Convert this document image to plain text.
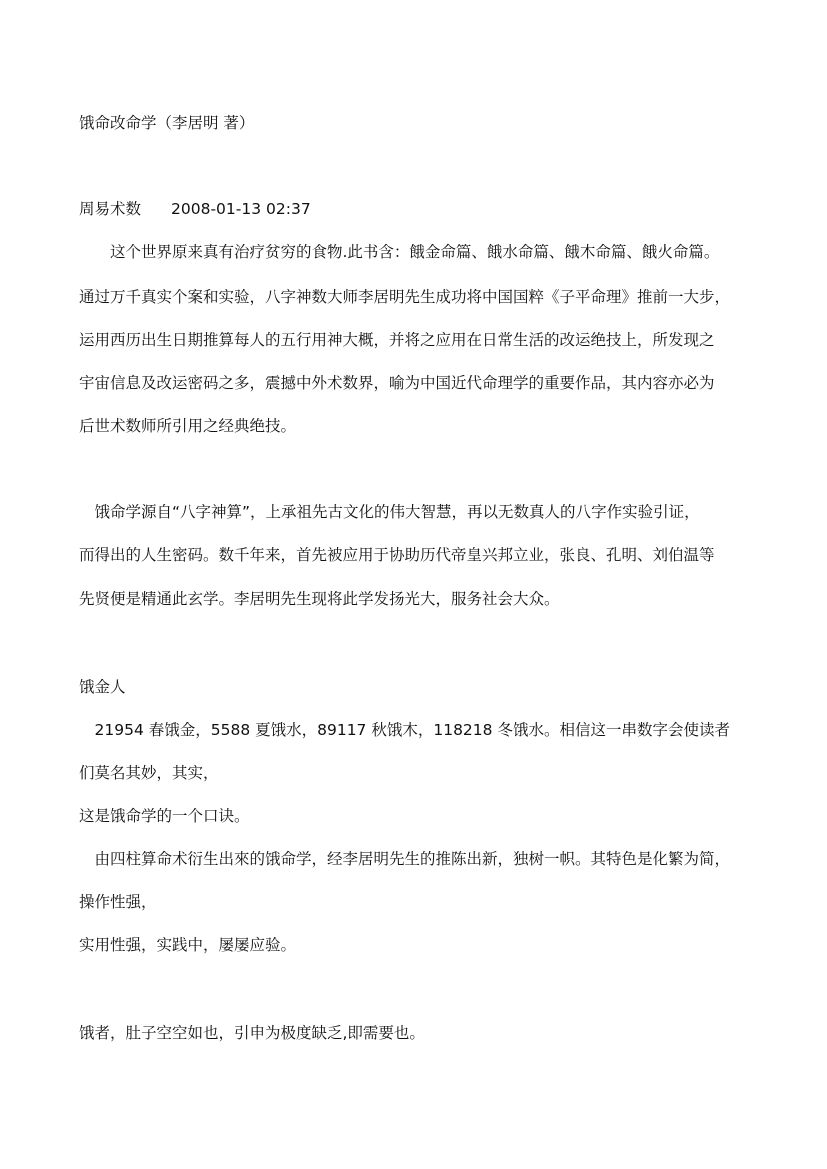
饿命改命学（李居明 著）
周易术数 2008-01-13 02:37
　　这个世界原来真有治疗贫穷的食物.此书含：餓金命篇、餓水命篇、餓木命篇、餓火命篇。
通过万千真实个案和实验，八字神数大师李居明先生成功将中国国粹《子平命理》推前一大步，
运用西历出生日期推算每人的五行用神大概，并将之应用在日常生活的改运绝技上，所发现之
宇宙信息及改运密码之多，震撼中外术数界，喻为中国近代命理学的重要作品，其内容亦必为
后世术数师所引用之经典绝技。
　饿命学源自“八字神算”，上承祖先古文化的伟大智慧，再以无数真人的八字作实验引证，
而得出的人生密码。数千年来，首先被应用于协助历代帝皇兴邦立业，张良、孔明、刘伯温等
先贤便是精通此玄学。李居明先生现将此学发扬光大，服务社会大众。
饿金人
　21954 春饿金，5588 夏饿水，89117 秋饿木，118218 冬饿水。相信这一串数字会使读者
们莫名其妙，其实，
这是饿命学的一个口诀。
　由四柱算命术衍生出來的饿命学，经李居明先生的推陈出新，独树一帜。其特色是化繁为简，
操作性强，
实用性强，实践中，屡屡应验。
饿者，肚子空空如也，引申为极度缺乏,即需要也。
